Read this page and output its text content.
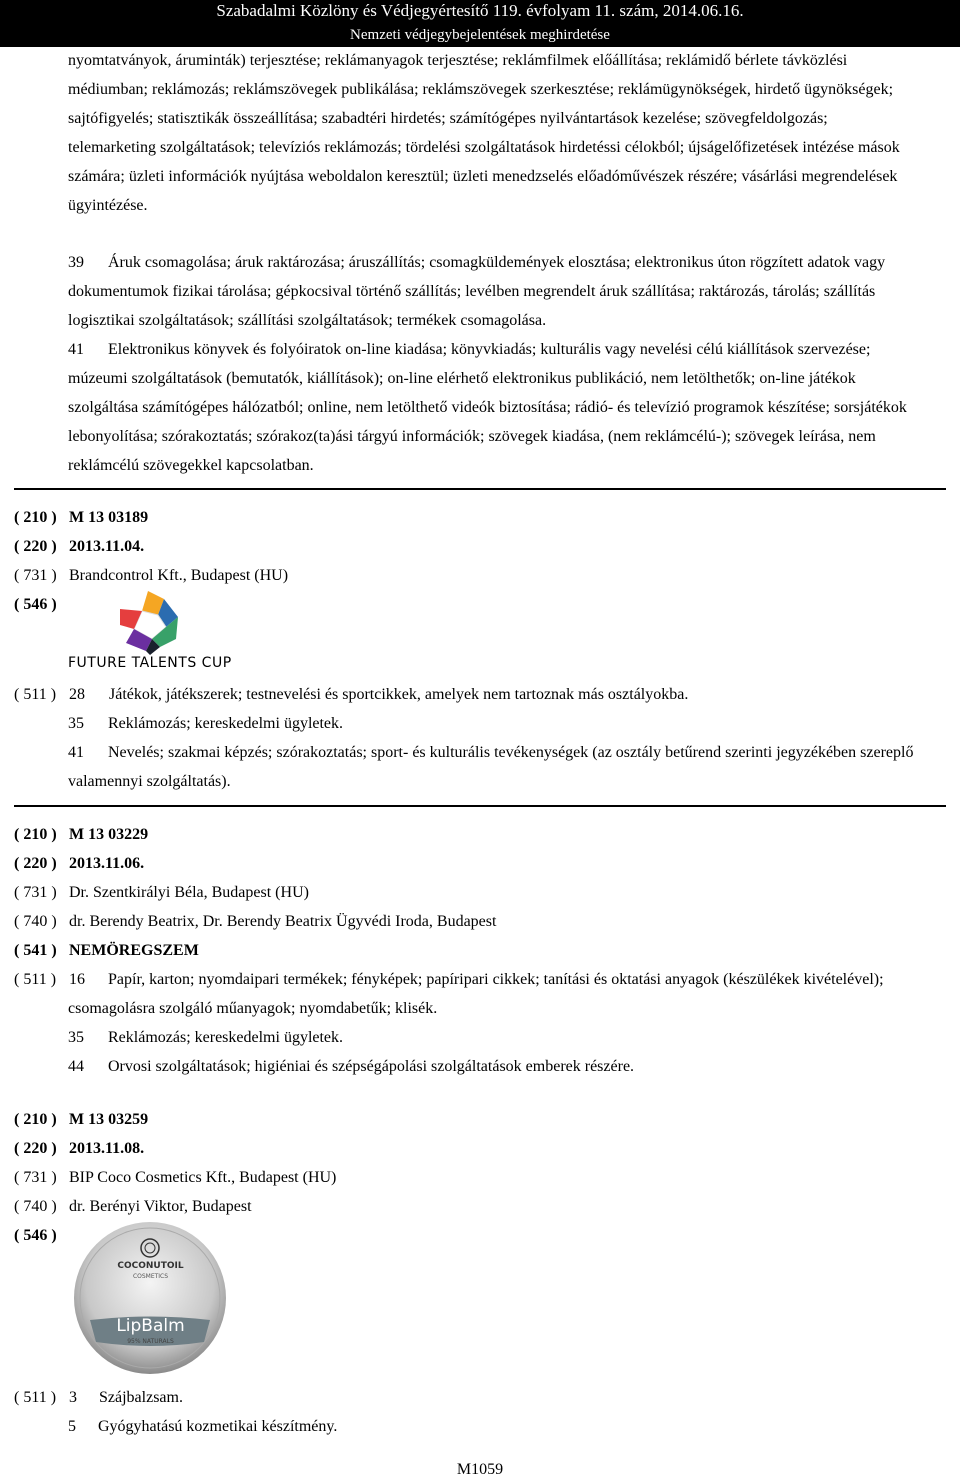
Szabadalmi Közlöny és Védjegyértesítő 119. évfolyam 11. szám, 2014.06.16.
Nemzeti védjegybejelentések meghirdetése

nyomtatványok, áruminták) terjesztése; reklámanyagok terjesztése; reklámfilmek előállítása; reklámidő bérlete távközlési médiumban; reklámozás; reklámszövegek publikálása; reklámszövegek szerkesztése; reklámügynökségek, hirdető ügynökségek; sajtófigyelés; statisztikák összeállítása; szabadtéri hirdetés; számítógépes nyilvántartások kezelése; szövegfeldolgozás; telemarketing szolgáltatások; televíziós reklámozás; tördelési szolgáltatások hirdetéssi célokból; újságelőfizetések intézése mások számára; üzleti információk nyújtása weboldalon keresztül; üzleti menedzselés előadóművészek részére; vásárlási megrendelések ügyintézése.

39 Áruk csomagolása; áruk raktározása; áruszállítás; csomagküldemények elosztása; elektronikus úton rögzített adatok vagy dokumentumok fizikai tárolása; gépkocsival történő szállítás; levélben megrendelt áruk szállítása; raktározás, tárolás; szállítás logisztikai szolgáltatások; szállítási szolgáltatások; termékek csomagolása.

41 Elektronikus könyvek és folyóiratok on-line kiadása; könyvkiadás; kulturális vagy nevelési célú kiállítások szervezése; múzeumi szolgáltatások (bemutatók, kiállítások); on-line elérhető elektronikus publikáció, nem letölthetők; on-line játékok szolgáltása számítógépes hálózatból; online, nem letölthető videók biztosítása; rádió- és televízió programok készítése; sorsjátékok lebonyolítása; szórakoztatás; szórakoz(ta)ási tárgyú információk; szövegek kiadása, (nem reklámcélú-); szövegek leírása, nem reklámcélú szövegekkel kapcsolatban.

( 210 ) M 13 03189
( 220 ) 2013.11.04.
( 731 ) Brandcontrol Kft., Budapest (HU)
( 546 )
FUTURE TALENTS CUP
( 511 ) 28 Játékok, játékszerek; testnevelési és sportcikkek, amelyek nem tartoznak más osztályokba.
35 Reklámozás; kereskedelmi ügyletek.
41 Nevelés; szakmai képzés; szórakoztatás; sport- és kulturális tevékenységek (az osztály betűrend szerinti jegyzékében szereplő valamennyi szolgáltatás).
( 210 ) M 13 03229
( 220 ) 2013.11.06.
( 731 ) Dr. Szentkirályi Béla, Budapest (HU)
( 740 ) dr. Berendy Beatrix, Dr. Berendy Beatrix Ügyvédi Iroda, Budapest
( 541 ) NEMÖREGSZEM
( 511 ) 16	Papír, karton; nyomdaipari termékek; fényképek; papíripari cikkek; tanítási és oktatási anyagok (készülékek kivételével); csomagolásra szolgáló műanyagok; nyomdabetűk; klisék.
35 Reklámozás; kereskedelmi ügyletek.
44 Orvosi szolgáltatások; higiéniai és szépségápolási szolgáltatások emberek részére.
( 210 ) M 13 03259
( 220 ) 2013.11.08.
( 731 ) BIP Coco Cosmetics Kft., Budapest (HU)
( 740 ) dr. Berényi Viktor, Budapest
( 546 )
COCONUTOIL
COSMETICS
LipBalm
95% NATURALS
( 511 ) 3 Szájbalzsam.
5 Gyógyhatású kozmetikai készítmény.
M1059
